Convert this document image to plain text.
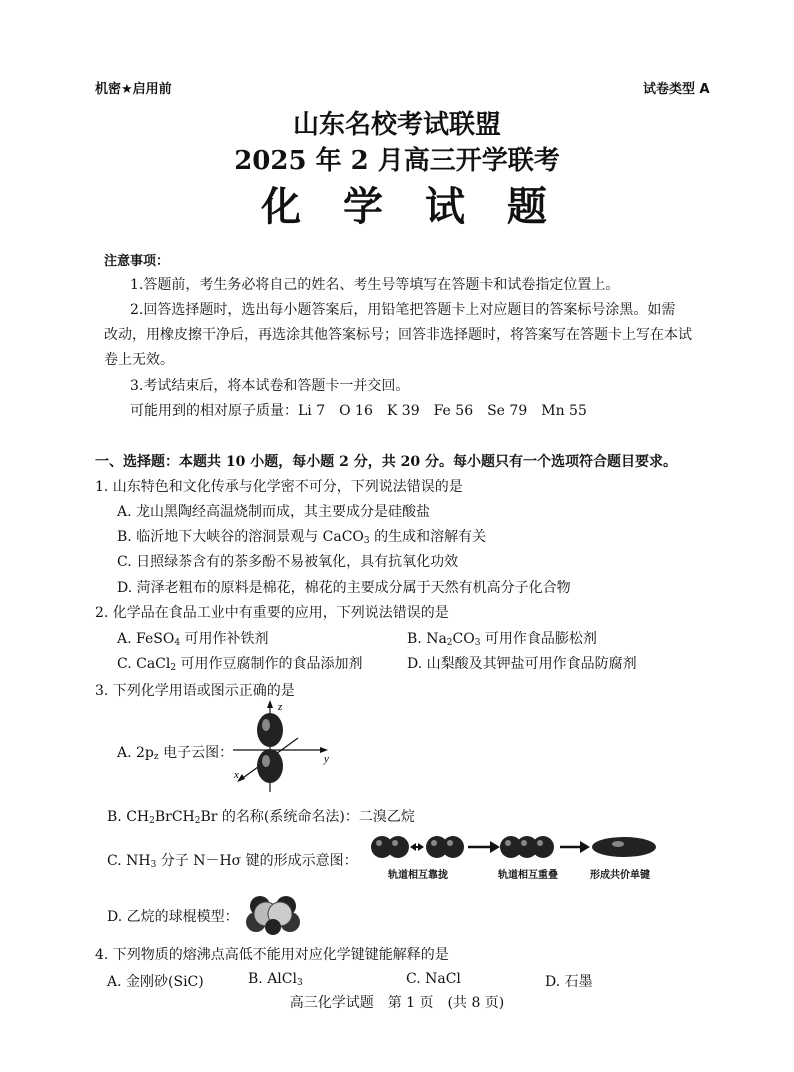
机密★启用前	试卷类型 A
山东名校考试联盟
2025 年 2 月高三开学联考
化 学 试 题
注意事项：
1.答题前，考生务必将自己的姓名、考生号等填写在答题卡和试卷指定位置上。
2.回答选择题时，选出每小题答案后，用铅笔把答题卡上对应题目的答案标号涂黑。如需
改动，用橡皮擦干净后，再选涂其他答案标号；回答非选择题时，将答案写在答题卡上写在本试
卷上无效。
3.考试结束后，将本试卷和答题卡一并交回。
可能用到的相对原子质量：Li 7　O 16　K 39　Fe 56　Se 79　Mn 55
一、选择题：本题共 10 小题，每小题 2 分，共 20 分。每小题只有一个选项符合题目要求。
1. 山东特色和文化传承与化学密不可分，下列说法错误的是
A. 龙山黑陶经高温烧制而成，其主要成分是硅酸盐
B. 临沂地下大峡谷的溶洞景观与 CaCO$_3$ 的生成和溶解有关
C. 日照绿茶含有的茶多酚不易被氧化，具有抗氧化功效
D. 菏泽老粗布的原料是棉花，棉花的主要成分属于天然有机高分子化合物
2. 化学品在食品工业中有重要的应用，下列说法错误的是
A. FeSO$_4$ 可用作补铁剂	B. $Na_2CO_3$ 可用作食品膨松剂
C. CaCl$_2$ 可用作豆腐制作的食品添加剂	D. 山梨酸及其钾盐可用作食品防腐剂
3. 下列化学用语或图示正确的是
A. $2p_z$ 电子云图：
z
y
x
B. $CH_2BrCH_2Br$ 的名称(系统命名法)：二溴乙烷
C. $NH_3$ 分子 N－Hσ 键的形成示意图：
轨道相互靠拢	轨道相互重叠	形成共价单键
D. 乙烷的球棍模型：
4. 下列物质的熔沸点高低不能用对应化学键键能解释的是
A. 金刚砂(SiC)	B. AlCl$_3$	C. NaCl	D. 石墨
高三化学试题　第 1 页　(共 8 页)
